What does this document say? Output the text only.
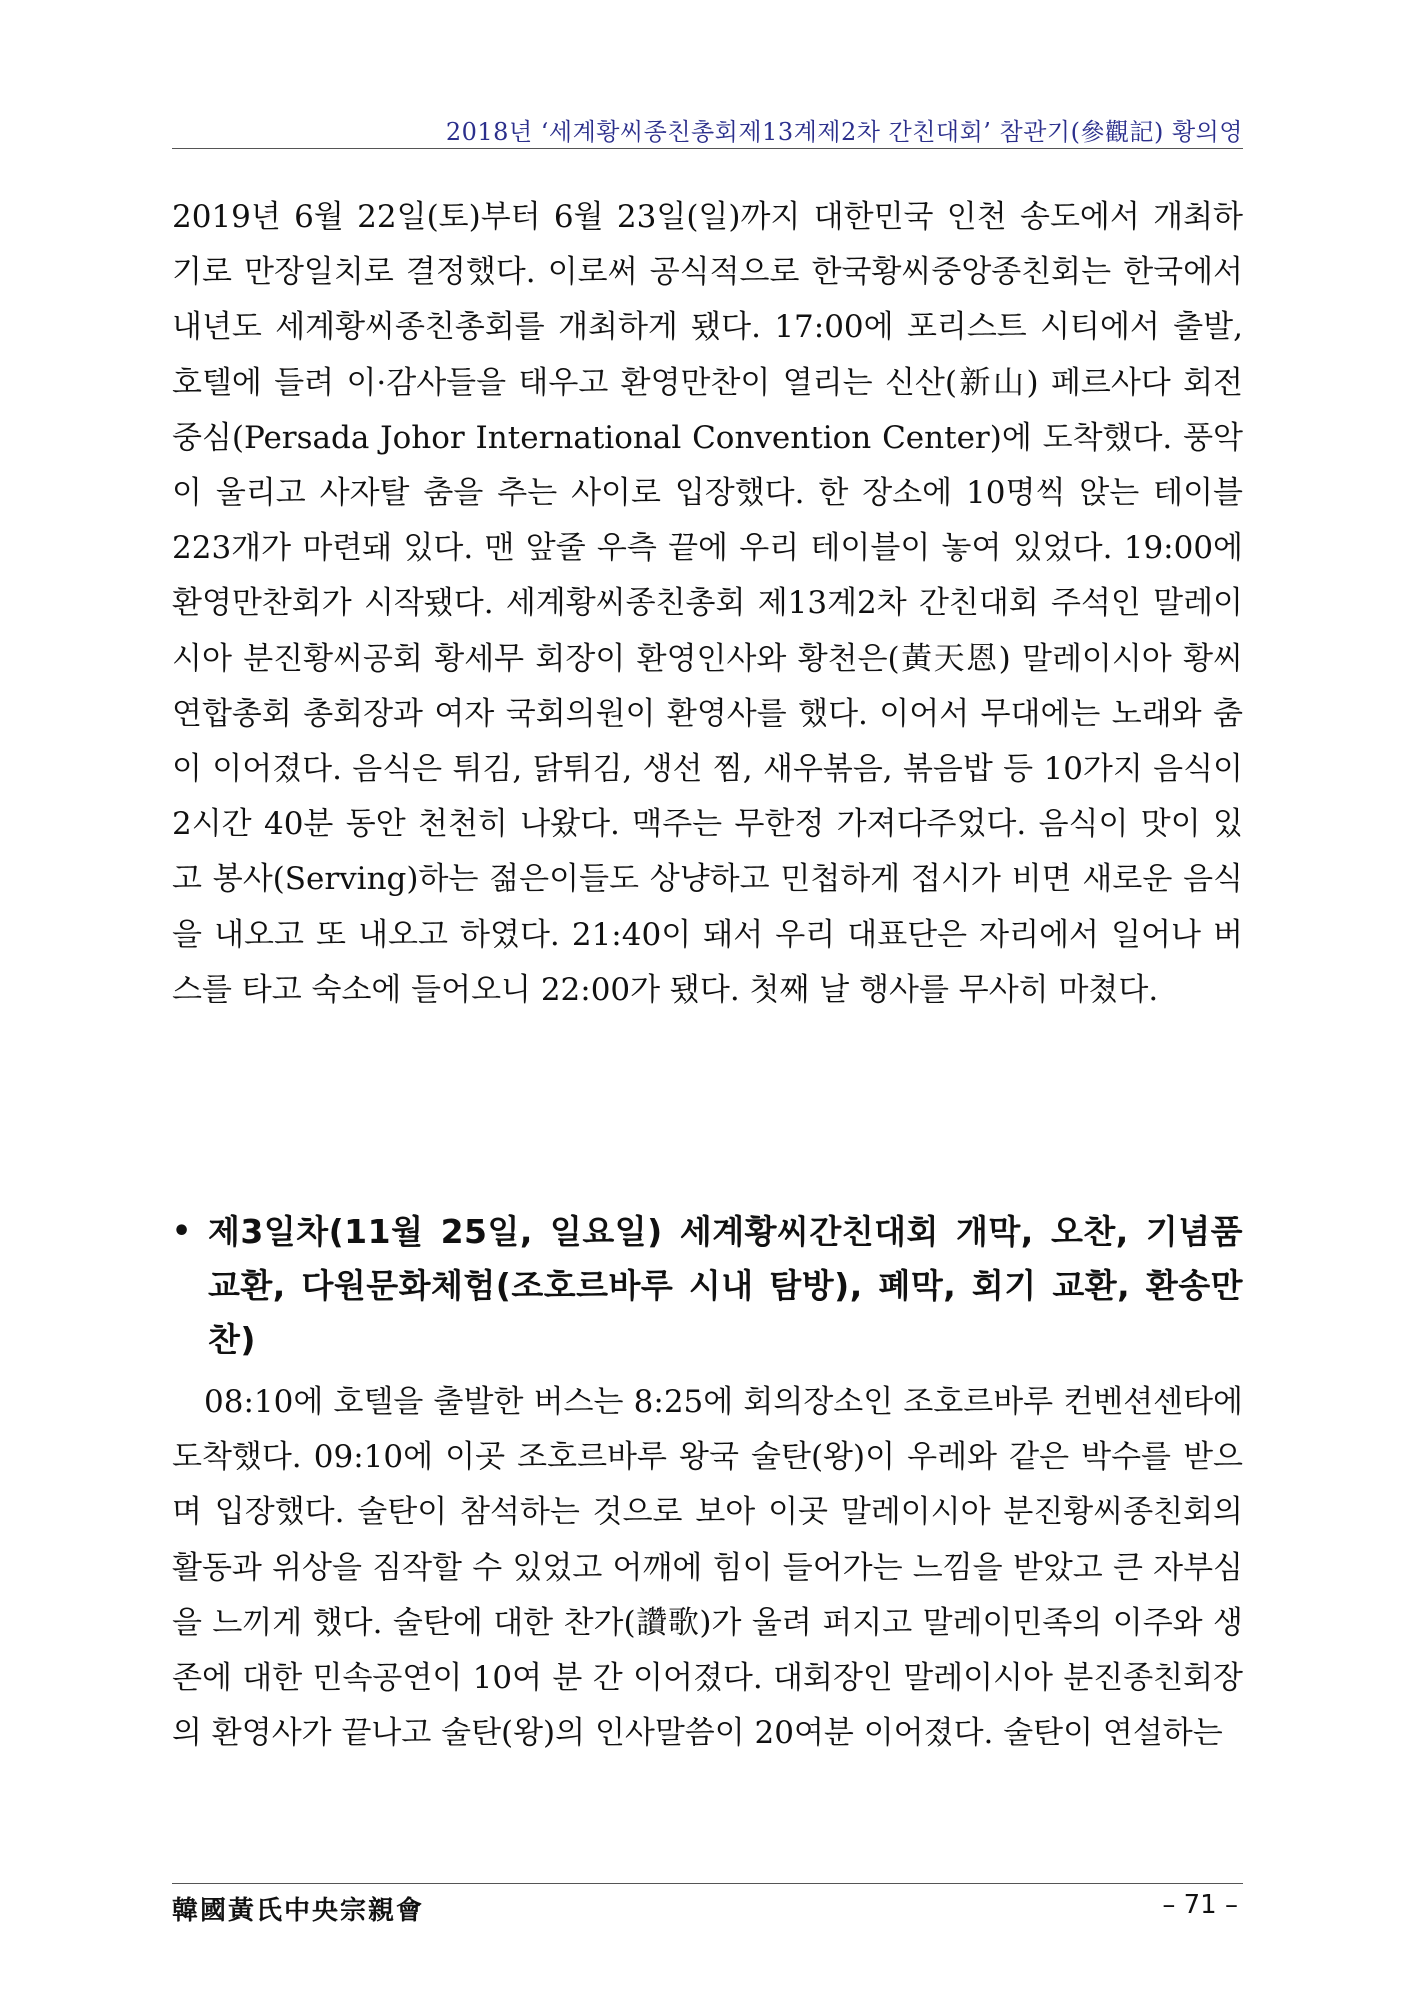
2018년 ‘세계황씨종친총회제13계제2차 간친대회’ 참관기(參觀記) 황의영
2019년 6월 22일(토)부터 6월 23일(일)까지 대한민국 인천 송도에서 개최하기로 만장일치로 결정했다. 이로써 공식적으로 한국황씨중앙종친회는 한국에서 내년도 세계황씨종친총회를 개최하게 됐다. 17:00에 포리스트 시티에서 출발, 호텔에 들려 이·감사들을 태우고 환영만찬이 열리는 신산(新山) 페르사다 회전중심(Persada Johor International Convention Center)에 도착했다. 풍악이 울리고 사자탈 춤을 추는 사이로 입장했다. 한 장소에 10명씩 앉는 테이블 223개가 마련돼 있다. 맨 앞줄 우측 끝에 우리 테이블이 놓여 있었다. 19:00에 환영만찬회가 시작됐다. 세계황씨종친총회 제13계2차 간친대회 주석인 말레이시아 분진황씨공회 황세무 회장이 환영인사와 황천은(黃天恩) 말레이시아 황씨연합총회 총회장과 여자 국회의원이 환영사를 했다. 이어서 무대에는 노래와 춤이 이어졌다. 음식은 튀김, 닭튀김, 생선 찜, 새우볶음, 볶음밥 등 10가지 음식이 2시간 40분 동안 천천히 나왔다. 맥주는 무한정 가져다주었다. 음식이 맛이 있고 봉사(Serving)하는 젊은이들도 상냥하고 민첩하게 접시가 비면 새로운 음식을 내오고 또 내오고 하였다. 21:40이 돼서 우리 대표단은 자리에서 일어나 버스를 타고 숙소에 들어오니 22:00가 됐다. 첫째 날 행사를 무사히 마쳤다.
• 제3일차(11월 25일, 일요일) 세계황씨간친대회 개막, 오찬, 기념품 교환, 다원문화체험(조호르바루 시내 탐방), 폐막, 회기 교환, 환송만찬)
08:10에 호텔을 출발한 버스는 8:25에 회의장소인 조호르바루 컨벤션센타에 도착했다. 09:10에 이곳 조호르바루 왕국 술탄(왕)이 우레와 같은 박수를 받으며 입장했다. 술탄이 참석하는 것으로 보아 이곳 말레이시아 분진황씨종친회의 활동과 위상을 짐작할 수 있었고 어깨에 힘이 들어가는 느낌을 받았고 큰 자부심을 느끼게 했다. 술탄에 대한 찬가(讚歌)가 울려 퍼지고 말레이민족의 이주와 생존에 대한 민속공연이 10여 분 간 이어졌다. 대회장인 말레이시아 분진종친회장의 환영사가 끝나고 술탄(왕)의 인사말씀이 20여분 이어졌다. 술탄이 연설하는
韓國黃氏中央宗親會	– 71 –
